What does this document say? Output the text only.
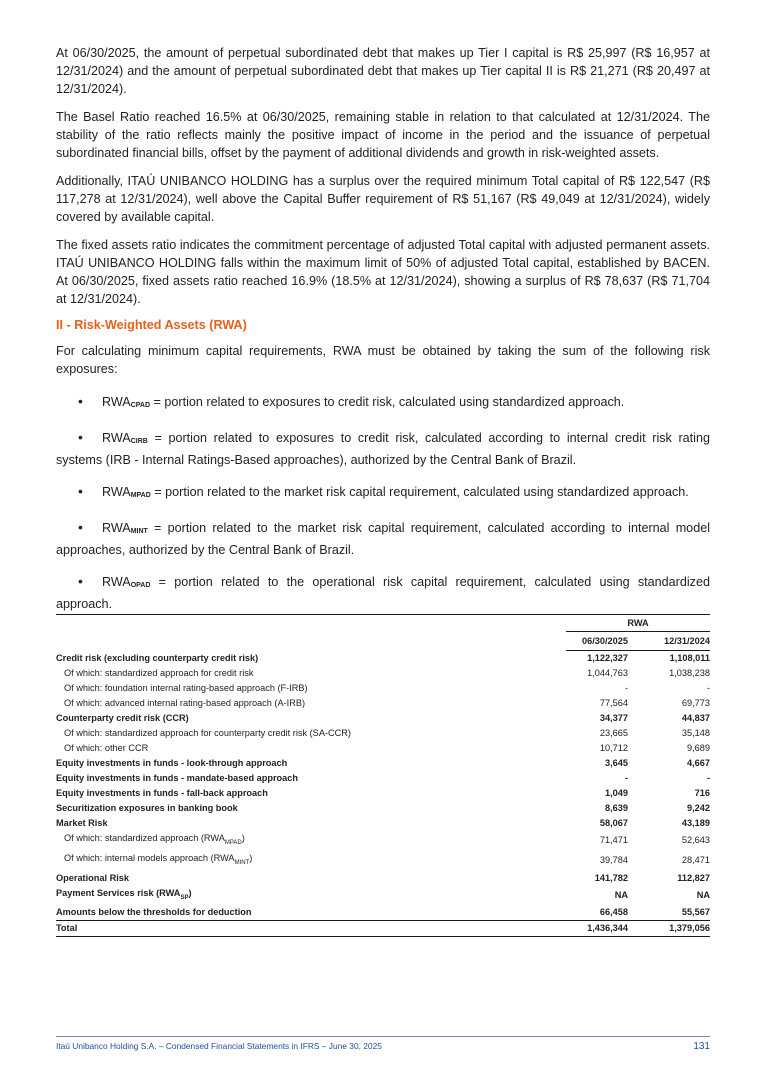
At 06/30/2025, the amount of perpetual subordinated debt that makes up Tier I capital is R$ 25,997 (R$ 16,957 at 12/31/2024) and the amount of perpetual subordinated debt that makes up Tier capital II is R$ 21,271 (R$ 20,497 at 12/31/2024).

The Basel Ratio reached 16.5% at 06/30/2025, remaining stable in relation to that calculated at 12/31/2024. The stability of the ratio reflects mainly the positive impact of income in the period and the issuance of perpetual subordinated financial bills, offset by the payment of additional dividends and growth in risk-weighted assets.

Additionally, ITAÚ UNIBANCO HOLDING has a surplus over the required minimum Total capital of R$ 122,547 (R$ 117,278 at 12/31/2024), well above the Capital Buffer requirement of R$ 51,167 (R$ 49,049 at 12/31/2024), widely covered by available capital.

The fixed assets ratio indicates the commitment percentage of adjusted Total capital with adjusted permanent assets. ITAÚ UNIBANCO HOLDING falls within the maximum limit of 50% of adjusted Total capital, established by BACEN. At 06/30/2025, fixed assets ratio reached 16.9% (18.5% at 12/31/2024), showing a surplus of R$ 78,637 (R$ 71,704 at 12/31/2024).

II - Risk-Weighted Assets (RWA)

For calculating minimum capital requirements, RWA must be obtained by taking the sum of the following risk exposures:

• $RWA_{CPAD}$ = portion related to exposures to credit risk, calculated using standardized approach.
• $RWA_{CIRB}$ = portion related to exposures to credit risk, calculated according to internal credit risk rating systems (IRB - Internal Ratings-Based approaches), authorized by the Central Bank of Brazil.
• $RWA_{MPAD}$ = portion related to the market risk capital requirement, calculated using standardized approach.
• $RWA_{MINT}$ = portion related to the market risk capital requirement, calculated according to internal model approaches, authorized by the Central Bank of Brazil.
• $RWA_{OPAD}$ = portion related to the operational risk capital requirement, calculated using standardized approach.
	RWA		
	06/30/2025		12/31/2024
Credit risk (excluding counterparty credit risk)	1,122,327		1,108,011
Of which: standardized approach for credit risk	1,044,763		1,038,238
Of which: foundation internal rating-based approach (F-IRB)	-		-
Of which: advanced internal rating-based approach (A-IRB)	77,564		69,773
Counterparty credit risk (CCR)	34,377		44,837
Of which: standardized approach for counterparty credit risk (SA-CCR)	23,665		35,148
Of which: other CCR	10,712		9,689
Equity investments in funds - look-through approach	3,645		4,667
Equity investments in funds - mandate-based approach	-		-
Equity investments in funds - fall-back approach	1,049		716
Securitization exposures in banking book	8,639		9,242
Market Risk	58,067		43,189
Of which: standardized approach $(RWA_{MPAD})$	71,471		52,643
Of which: internal models approach $(RWA_{MINT})$	39,784		28,471
Operational Risk	141,782		112,827
Payment Services risk $(RWA_{SP})$	NA		NA
Amounts below the thresholds for deduction	66,458		55,567
Total	1,436,344		1,379,056
Itaú Unibanco Holding S.A. – Condensed Financial Statements in IFRS – June 30, 2025	131
